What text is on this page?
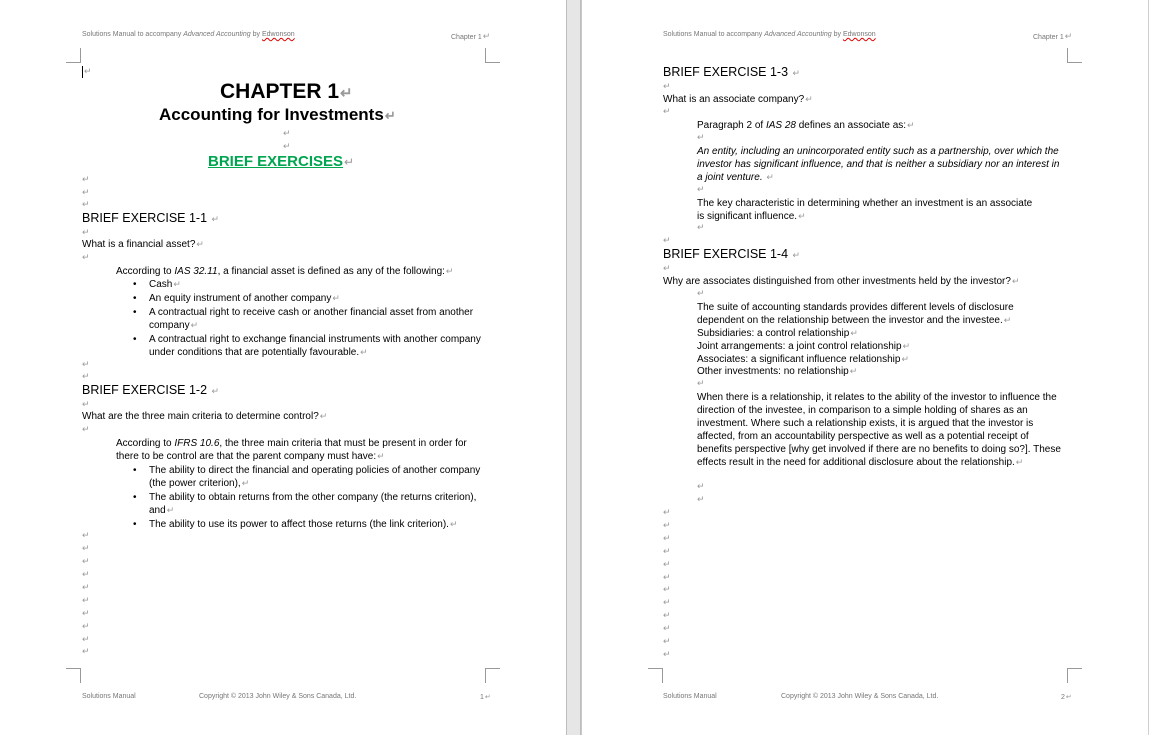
Solutions Manual to accompany Advanced Accounting by Edwonson	Chapter 1↵
↵
CHAPTER 1↵
Accounting for Investments↵
↵
↵
BRIEF EXERCISES↵
↵
↵
↵
BRIEF EXERCISE 1-1 ↵
↵
What is a financial asset?↵
↵
According to IAS 32.11, a financial asset is defined as any of the following:↵
• Cash↵
• An equity instrument of another company↵
• A contractual right to receive cash or another financial asset from another company↵
• A contractual right to exchange financial instruments with another company under conditions that are potentially favourable.↵
↵
↵
BRIEF EXERCISE 1-2 ↵
↵
What are the three main criteria to determine control?↵
↵
According to IFRS 10.6, the three main criteria that must be present in order for there to be control are that the parent company must have:↵
• The ability to direct the financial and operating policies of another company (the power criterion),↵
• The ability to obtain returns from the other company (the returns criterion), and↵
• The ability to use its power to affect those returns (the link criterion).↵
↵
↵
↵
↵
↵
↵
↵
↵
↵
↵
Solutions Manual	Copyright © 2013 John Wiley & Sons Canada, Ltd.	1↵
Solutions Manual to accompany Advanced Accounting by Edwonson	Chapter 1↵
BRIEF EXERCISE 1-3 ↵
↵
What is an associate company?↵
↵
Paragraph 2 of IAS 28 defines an associate as:↵
↵
An entity, including an unincorporated entity such as a partnership, over which the investor has significant influence, and that is neither a subsidiary nor an interest in a joint venture. ↵
↵
The key characteristic in determining whether an investment is an associate is significant influence.↵
↵
↵
BRIEF EXERCISE 1-4 ↵
↵
Why are associates distinguished from other investments held by the investor?↵
↵
The suite of accounting standards provides different levels of disclosure dependent on the relationship between the investor and the investee.↵
Subsidiaries: a control relationship↵
Joint arrangements: a joint control relationship↵
Associates: a significant influence relationship↵
Other investments: no relationship↵
↵
When there is a relationship, it relates to the ability of the investor to influence the direction of the investee, in comparison to a simple holding of shares as an investment. Where such a relationship exists, it is argued that the investor is affected, from an accountability perspective as well as a potential receipt of benefits perspective [why get involved if there are no benefits to doing so?]. These effects result in the need for additional disclosure about the relationship.↵
↵
↵
↵
↵
↵
↵
↵
↵
↵
↵
↵
↵
↵
↵
Solutions Manual	Copyright © 2013 John Wiley & Sons Canada, Ltd.	2↵
